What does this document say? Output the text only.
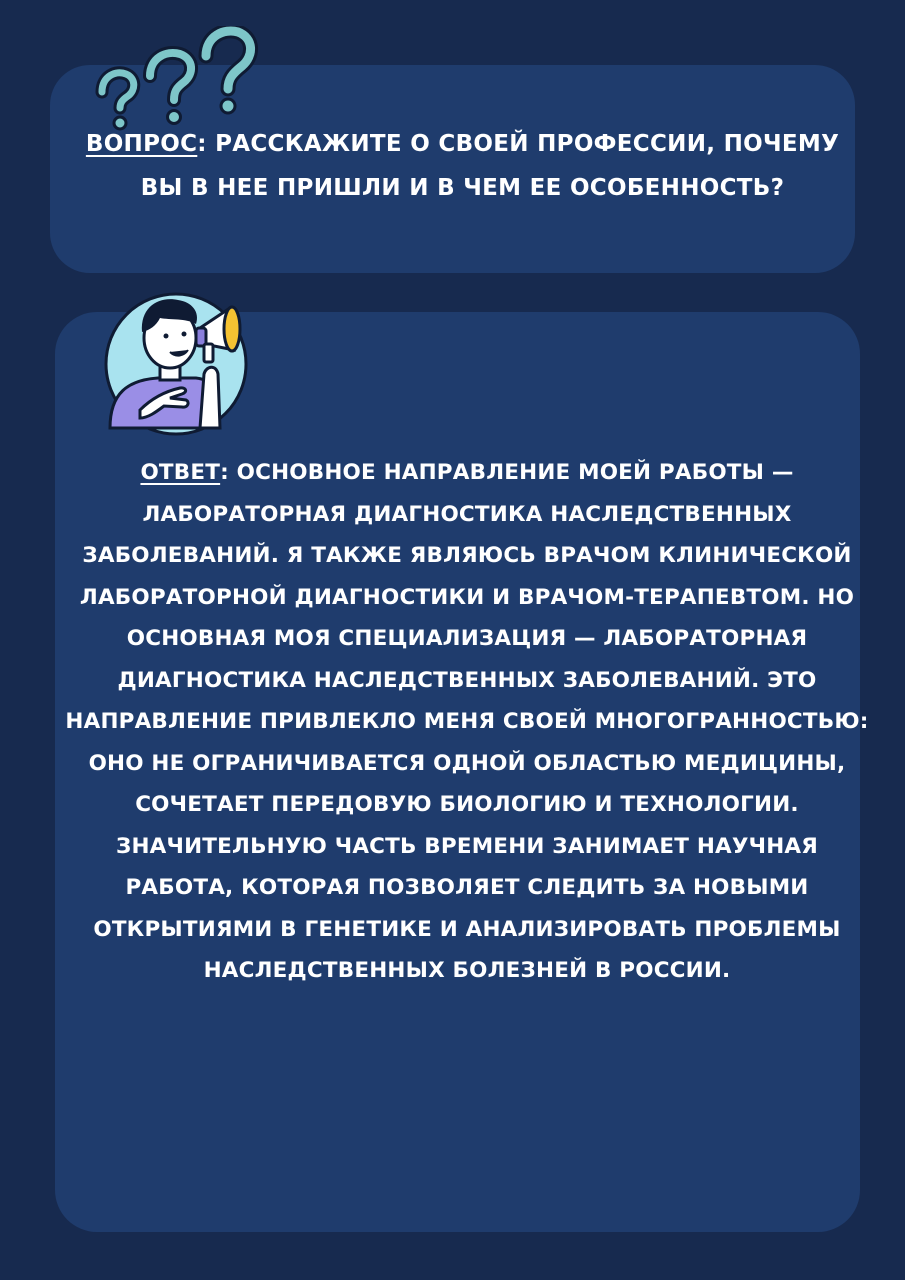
ВОПРОС: РАССКАЖИТЕ О СВОЕЙ ПРОФЕССИИ, ПОЧЕМУ ВЫ В НЕЕ ПРИШЛИ И В ЧЕМ ЕЕ ОСОБЕННОСТЬ?

ОТВЕТ: ОСНОВНОЕ НАПРАВЛЕНИЕ МОЕЙ РАБОТЫ — ЛАБОРАТОРНАЯ ДИАГНОСТИКА НАСЛЕДСТВЕННЫХ ЗАБОЛЕВАНИЙ. Я ТАКЖЕ ЯВЛЯЮСЬ ВРАЧОМ КЛИНИЧЕСКОЙ ЛАБОРАТОРНОЙ ДИАГНОСТИКИ И ВРАЧОМ-ТЕРАПЕВТОМ. НО ОСНОВНАЯ МОЯ СПЕЦИАЛИЗАЦИЯ — ЛАБОРАТОРНАЯ ДИАГНОСТИКА НАСЛЕДСТВЕННЫХ ЗАБОЛЕВАНИЙ. ЭТО НАПРАВЛЕНИЕ ПРИВЛЕКЛО МЕНЯ СВОЕЙ МНОГОГРАННОСТЬЮ: ОНО НЕ ОГРАНИЧИВАЕТСЯ ОДНОЙ ОБЛАСТЬЮ МЕДИЦИНЫ, СОЧЕТАЕТ ПЕРЕДОВУЮ БИОЛОГИЮ И ТЕХНОЛОГИИ. ЗНАЧИТЕЛЬНУЮ ЧАСТЬ ВРЕМЕНИ ЗАНИМАЕТ НАУЧНАЯ РАБОТА, КОТОРАЯ ПОЗВОЛЯЕТ СЛЕДИТЬ ЗА НОВЫМИ ОТКРЫТИЯМИ В ГЕНЕТИКЕ И АНАЛИЗИРОВАТЬ ПРОБЛЕМЫ НАСЛЕДСТВЕННЫХ БОЛЕЗНЕЙ В РОССИИ.
